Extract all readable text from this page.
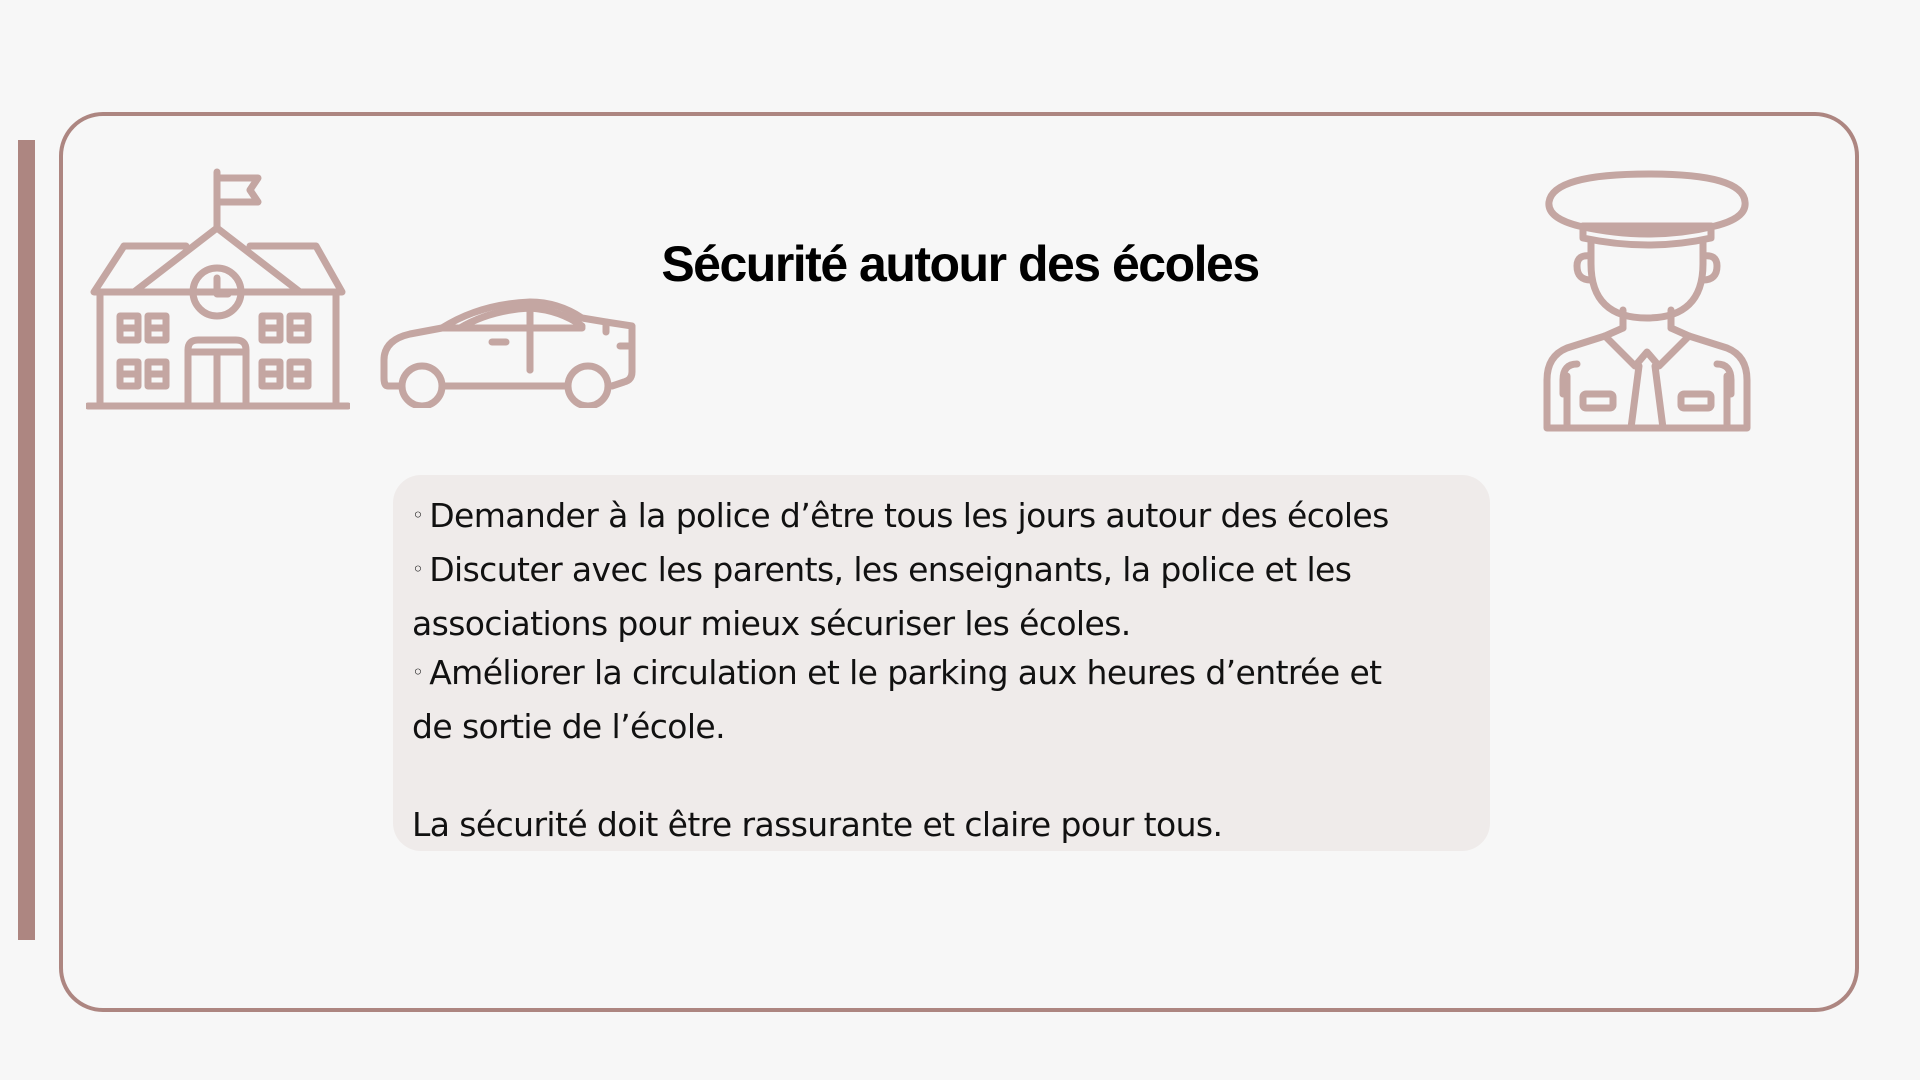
Sécurité autour des écoles
◦ Demander à la police d’être tous les jours autour des écoles
◦ Discuter avec les parents, les enseignants, la police et les
associations pour mieux sécuriser les écoles.
◦ Améliorer la circulation et le parking aux heures d’entrée et
de sortie de l’école.
La sécurité doit être rassurante et claire pour tous.
